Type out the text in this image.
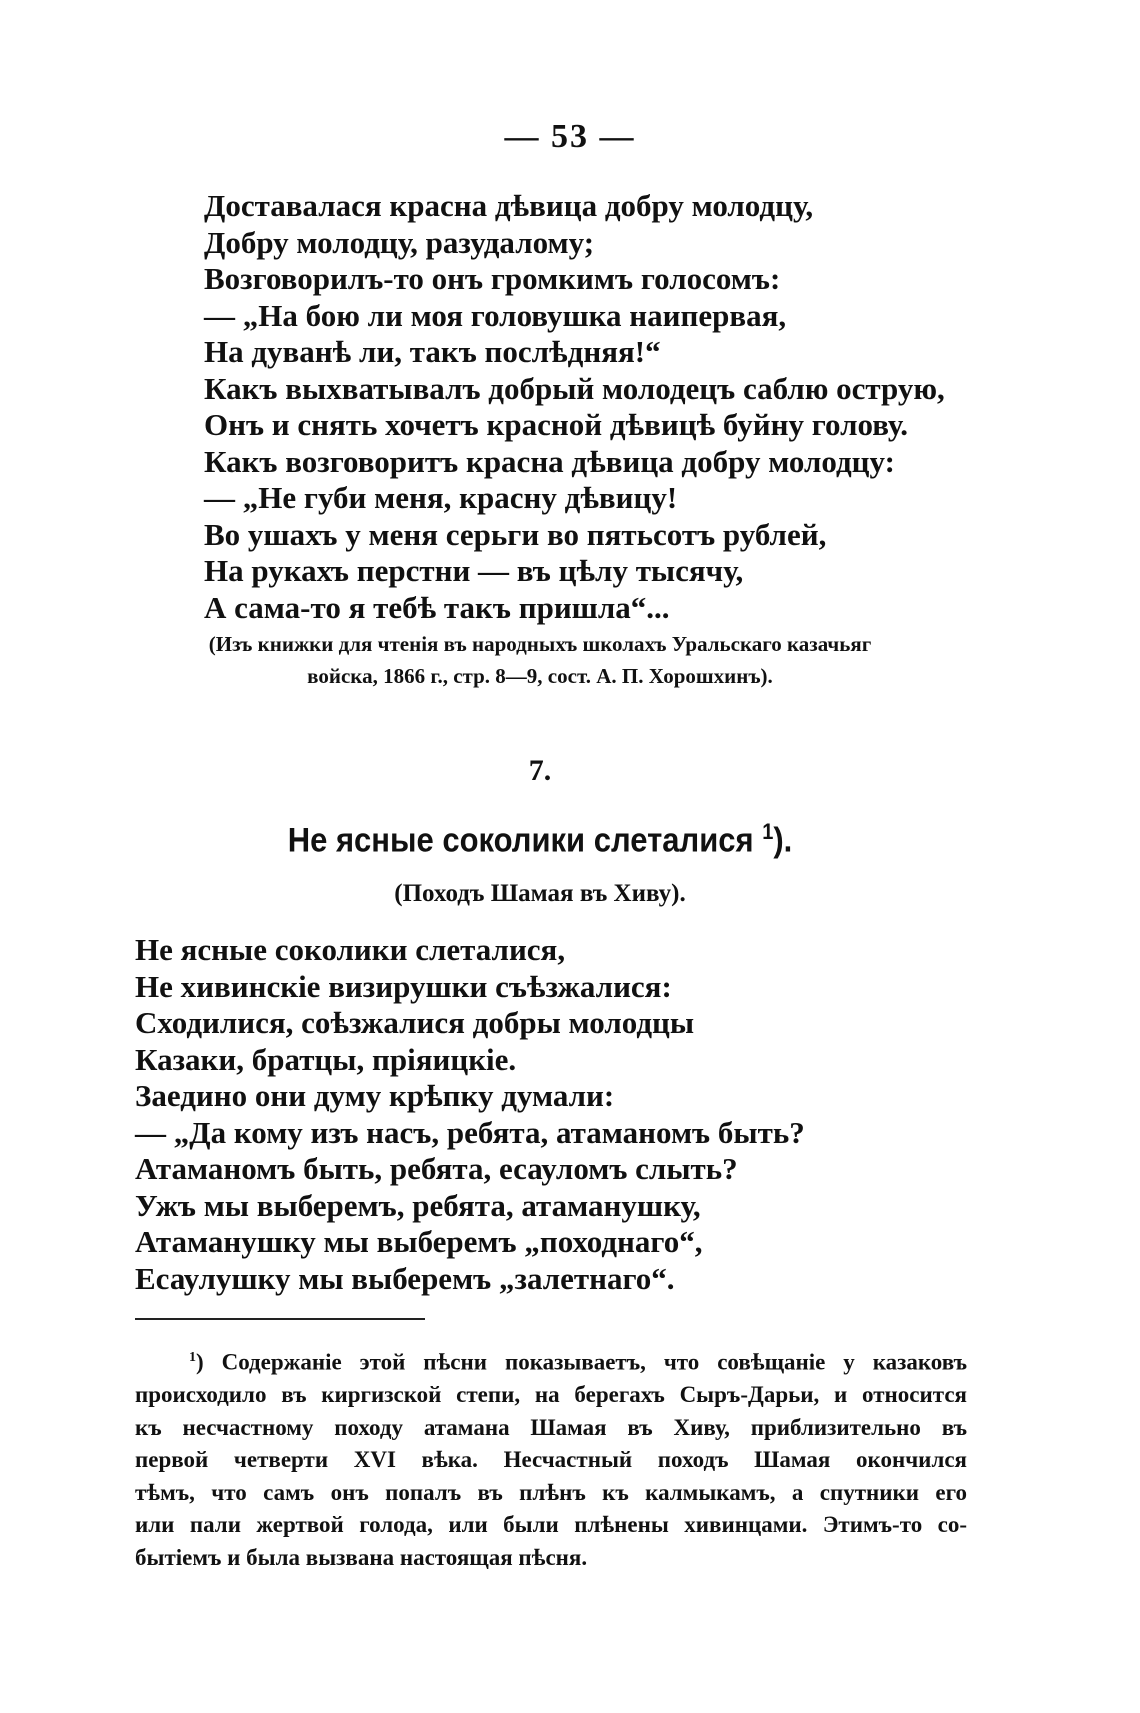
— 53 —
Доставалася красна дѣвица добру молодцу,
Добру молодцу, разудалому;
Возговорилъ-то онъ громкимъ голосомъ:
— „На бою ли моя головушка наипервая,
На дуванѣ ли, такъ послѣдняя!“
Какъ выхватывалъ добрый молодецъ саблю острую,
Онъ и снять хочетъ красной дѣвицѣ буйну голову.
Какъ возговоритъ красна дѣвица добру молодцу:
— „Не губи меня, красну дѣвицу!
Во ушахъ у меня серьги во пятьсотъ рублей,
На рукахъ перстни — въ цѣлу тысячу,
А сама-то я тебѣ такъ пришла“...
(Изъ книжки для чтенія въ народныхъ школахъ Уральскаго казачьяг
войска, 1866 г., стр. 8—9, сост. А. П. Хорошхинъ).
7.
Не ясные соколики слеталися $^1$).
(Походъ Шамая въ Хиву).
Не ясные соколики слеталися,
Не хивинскіе визирушки съѣзжалися:
Сходилися, соѣзжалися добры молодцы
Казаки, братцы, пріяицкіе.
Заедино они думу крѣпку думали:
— „Да кому изъ насъ, ребята, атаманомъ быть?
Атаманомъ быть, ребята, есауломъ слыть?
Ужъ мы выберемъ, ребята, атаманушку,
Атаманушку мы выберемъ „походнаго“,
Есаулушку мы выберемъ „залетнаго“.
$^1$) Содержаніе этой пѣсни показываетъ, что совѣщаніе у казаковъ
происходило въ киргизской степи, на берегахъ Сыръ-Дарьи, и относится
къ несчастному походу атамана Шамая въ Хиву, приблизительно въ
первой четверти XVI вѣка. Несчастный походъ Шамая окончился
тѣмъ, что самъ онъ попалъ въ плѣнъ къ калмыкамъ, а спутники его
или пали жертвой голода, или были плѣнены хивинцами. Этимъ-то со-
бытіемъ и была вызвана настоящая пѣсня.
